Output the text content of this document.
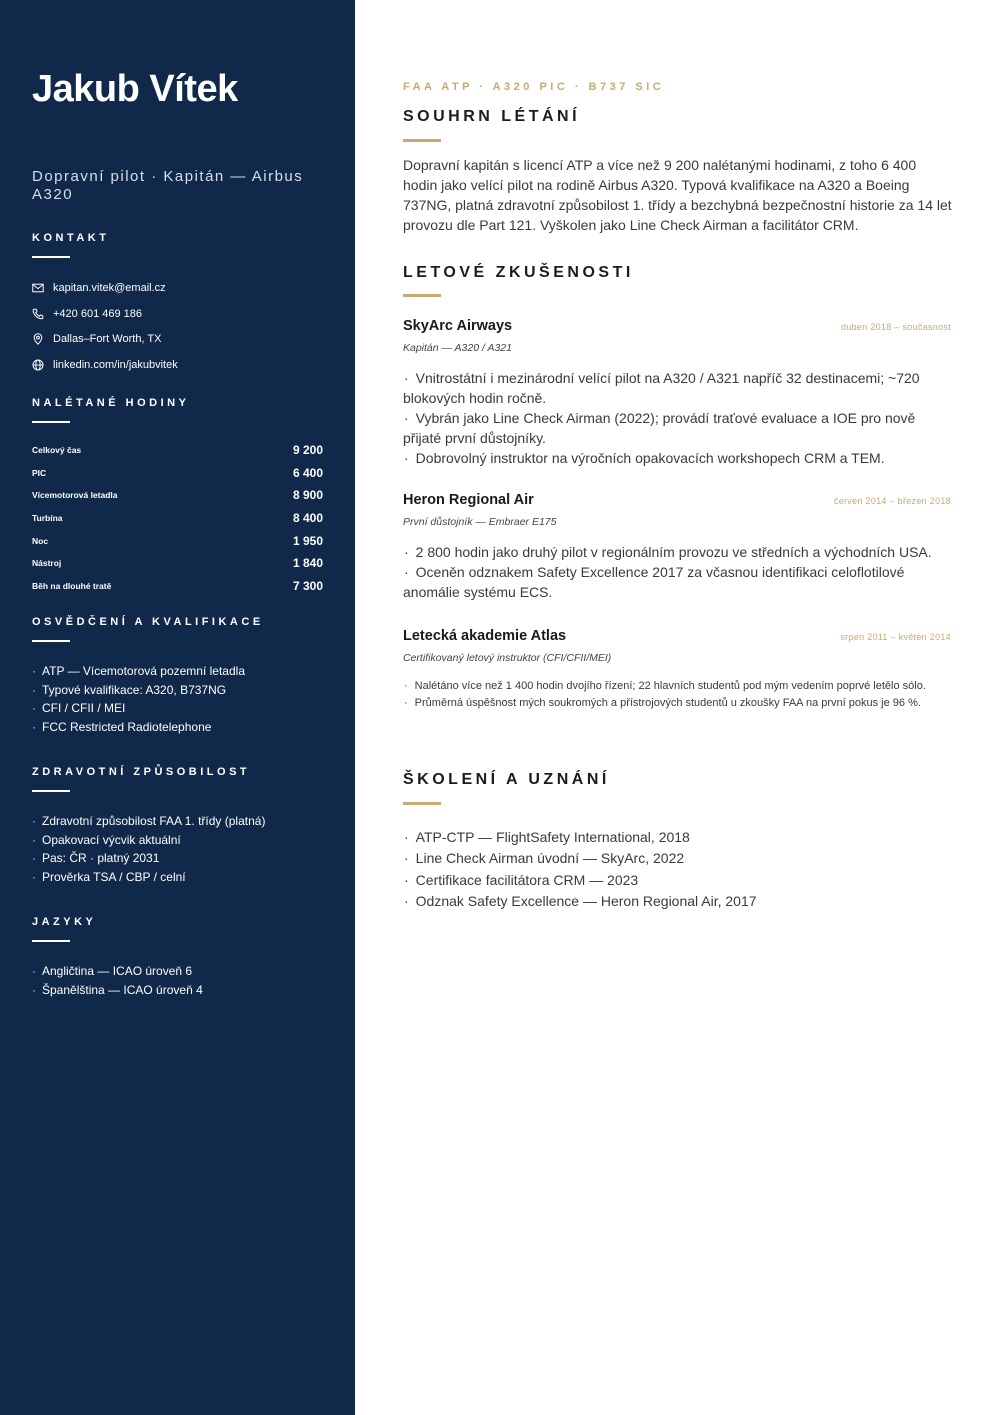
Jakub Vítek
Dopravní pilot · Kapitán — Airbus A320
KONTAKT
kapitan.vitek@email.cz
+420 601 469 186
Dallas–Fort Worth, TX
linkedin.com/in/jakubvitek
NALÉTANÉ HODINY
Celkový čas	9 200
PIC	6 400
Vícemotorová letadla	8 900
Turbína	8 400
Noc	1 950
Nástroj	1 840
Běh na dlouhé tratě	7 300
OSVĚDČENÍ A KVALIFIKACE
· ATP — Vícemotorová pozemní letadla
· Typové kvalifikace: A320, B737NG
· CFI / CFII / MEI
· FCC Restricted Radiotelephone
ZDRAVOTNÍ ZPŮSOBILOST
· Zdravotní způsobilost FAA 1. třídy (platná)
· Opakovací výcvik aktuální
· Pas: ČR · platný 2031
· Prověrka TSA / CBP / celní
JAZYKY
· Angličtina — ICAO úroveň 6
· Španělština — ICAO úroveň 4
FAA ATP · A320 PIC · B737 SIC
SOUHRN LÉTÁNÍ

Dopravní kapitán s licencí ATP a více než 9 200 nalétanými hodinami, z toho 6 400 hodin jako velící pilot na rodině Airbus A320. Typová kvalifikace na A320 a Boeing 737NG, platná zdravotní způsobilost 1. třídy a bezchybná bezpečnostní historie za 14 let provozu dle Part 121. Vyškolen jako Line Check Airman a facilitátor CRM.

LETOVÉ ZKUŠENOSTI
SkyArc Airways	duben 2018 – současnost
Kapitán — A320 / A321
· Vnitrostátní i mezinárodní velící pilot na A320 / A321 napříč 32 destinacemi; ~720 blokových hodin ročně.
· Vybrán jako Line Check Airman (2022); provádí traťové evaluace a IOE pro nově přijaté první důstojníky.
· Dobrovolný instruktor na výročních opakovacích workshopech CRM a TEM.
Heron Regional Air	červen 2014 – březen 2018
První důstojník — Embraer E175
· 2 800 hodin jako druhý pilot v regionálním provozu ve středních a východních USA.
· Oceněn odznakem Safety Excellence 2017 za včasnou identifikaci celoflotilové anomálie systému ECS.
Letecká akademie Atlas	srpen 2011 – květen 2014
Certifikovaný letový instruktor (CFI/CFII/MEI)
· Nalétáno více než 1 400 hodin dvojího řízení; 22 hlavních studentů pod mým vedením poprvé letělo sólo.
· Průměrná úspěšnost mých soukromých a přístrojových studentů u zkoušky FAA na první pokus je 96 %.
ŠKOLENÍ A UZNÁNÍ
· ATP-CTP — FlightSafety International, 2018
· Line Check Airman úvodní — SkyArc, 2022
· Certifikace facilitátora CRM — 2023
· Odznak Safety Excellence — Heron Regional Air, 2017
